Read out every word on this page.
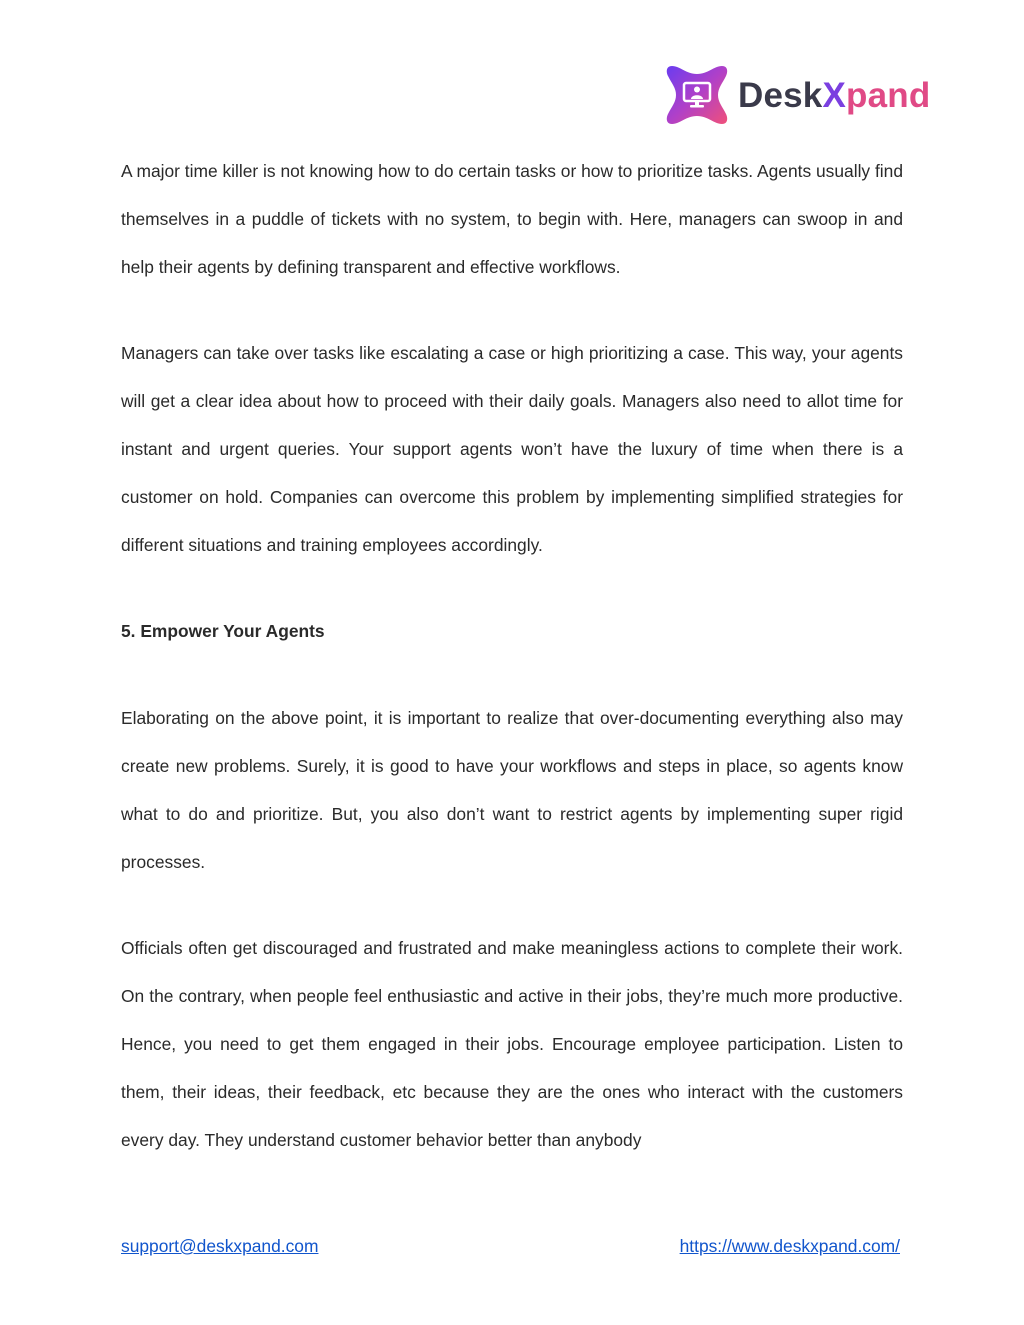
DeskXpand

A major time killer is not knowing how to do certain tasks or how to prioritize tasks. Agents usually find themselves in a puddle of tickets with no system, to begin with. Here, managers can swoop in and help their agents by defining transparent and effective workflows.

Managers can take over tasks like escalating a case or high prioritizing a case. This way, your agents will get a clear idea about how to proceed with their daily goals. Managers also need to allot time for instant and urgent queries. Your support agents won’t have the luxury of time when there is a customer on hold. Companies can overcome this problem by implementing simplified strategies for different situations and training employees accordingly.

5. Empower Your Agents

Elaborating on the above point, it is important to realize that over-documenting everything also may create new problems. Surely, it is good to have your workflows and steps in place, so agents know what to do and prioritize. But, you also don’t want to restrict agents by implementing super rigid processes.

Officials often get discouraged and frustrated and make meaningless actions to complete their work. On the contrary, when people feel enthusiastic and active in their jobs, they’re much more productive. Hence, you need to get them engaged in their jobs. Encourage employee participation. Listen to them, their ideas, their feedback, etc because they are the ones who interact with the customers every day. They understand customer behavior better than anybody

support@deskxpand.com	https://www.deskxpand.com/
